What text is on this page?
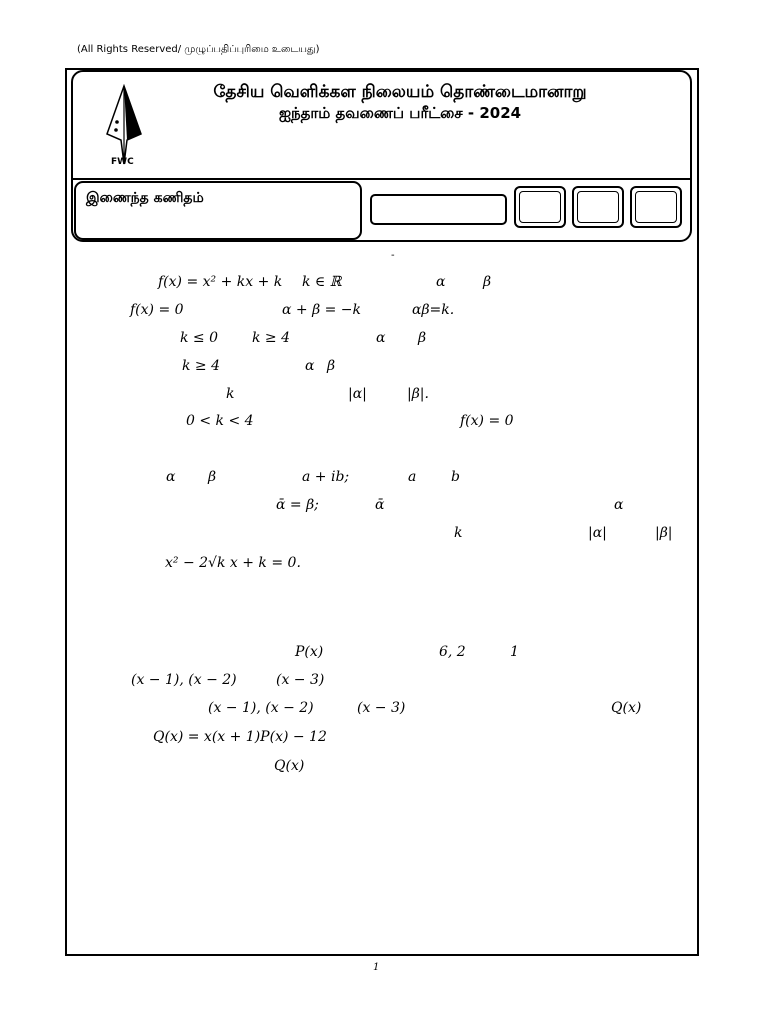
(All Rights Reserved/ முழுப்பதிப்புரிமை உடையது)
FWC
தேசிய வெளிக்கள நிலையம் தொண்டைமானாறு
ஐந்தாம் தவணைப் பரீட்சை - 2024
இணைந்த கணிதம்
-
f(x) = x² + kx + k k ∈ ℝ	α	β
f(x) = 0	α + β = −k	αβ=k.
k ≤ 0 k ≥ 4	α β
k ≥ 4	α β
k	|α|	|β|.
0 < k < 4	f(x) = 0
α β	a + ib;	a b
ᾱ = β;	ᾱ	α
k	|α|	|β|
x² − 2√k x + k = 0.
P(x)	6, 2	1
(x − 1), (x − 2)	(x − 3)
(x − 1), (x − 2)	(x − 3)	Q(x)
Q(x) = x(x + 1)P(x) − 12
Q(x)
1
